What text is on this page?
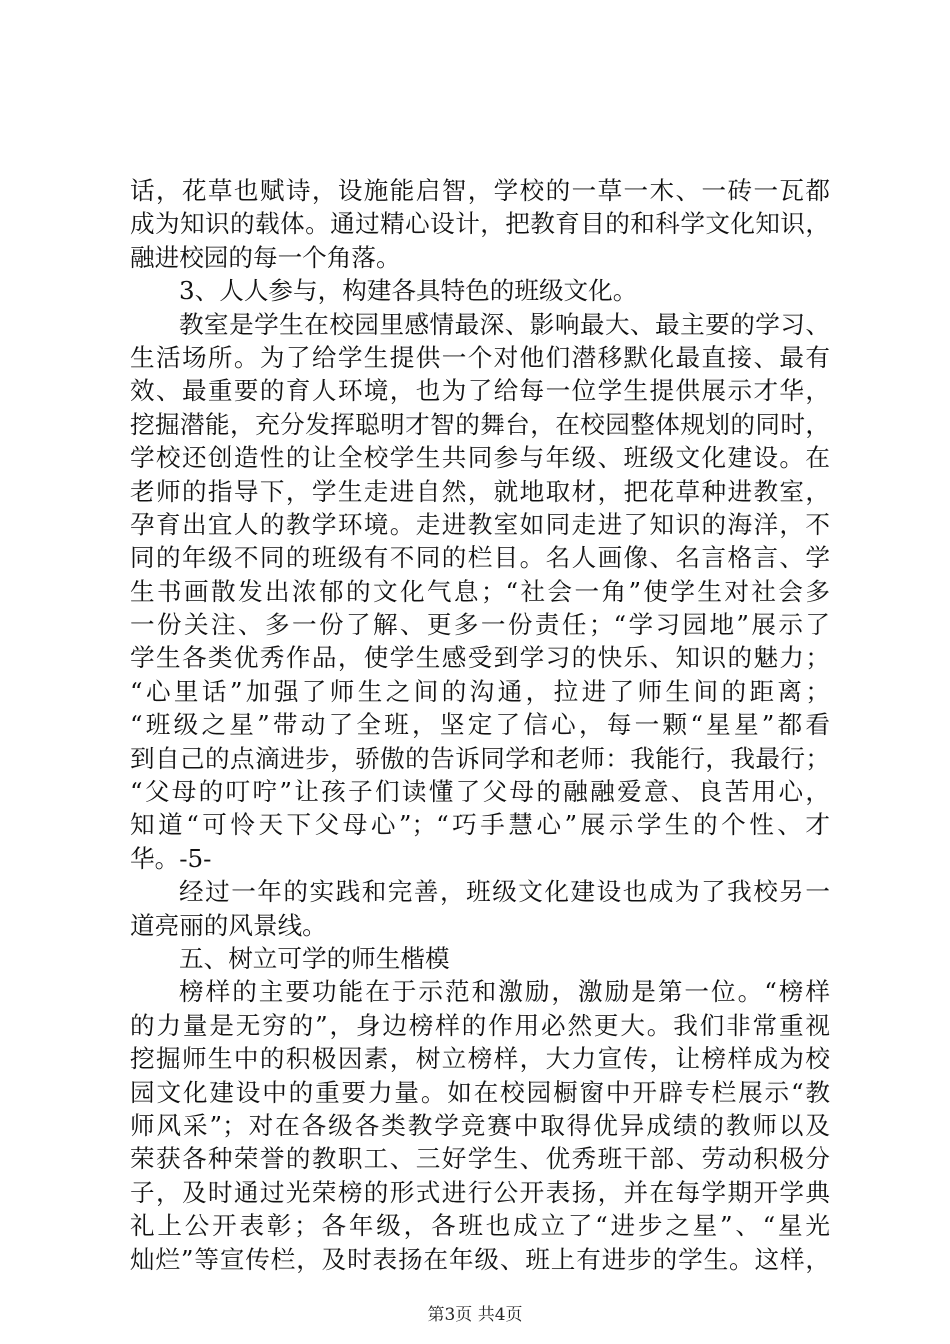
话，花草也赋诗，设施能启智，学校的一草一木、一砖一瓦都
成为知识的载体。通过精心设计，把教育目的和科学文化知识，
融进校园的每一个角落。
3、人人参与，构建各具特色的班级文化。
教室是学生在校园里感情最深、影响最大、最主要的学习、
生活场所。为了给学生提供一个对他们潜移默化最直接、最有
效、最重要的育人环境，也为了给每一位学生提供展示才华，
挖掘潜能，充分发挥聪明才智的舞台，在校园整体规划的同时，
学校还创造性的让全校学生共同参与年级、班级文化建设。在
老师的指导下，学生走进自然，就地取材，把花草种进教室，
孕育出宜人的教学环境。走进教室如同走进了知识的海洋，不
同的年级不同的班级有不同的栏目。名人画像、名言格言、学
生书画散发出浓郁的文化气息；“社会一角”使学生对社会多
一份关注、多一份了解、更多一份责任；“学习园地”展示了
学生各类优秀作品，使学生感受到学习的快乐、知识的魅力；
“心里话”加强了师生之间的沟通，拉进了师生间的距离；
“班级之星”带动了全班，坚定了信心，每一颗“星星”都看
到自己的点滴进步，骄傲的告诉同学和老师：我能行，我最行；
“父母的叮咛”让孩子们读懂了父母的融融爱意、良苦用心，
知道“可怜天下父母心”；“巧手慧心”展示学生的个性、才
华。-5-
经过一年的实践和完善，班级文化建设也成为了我校另一
道亮丽的风景线。
五、树立可学的师生楷模
榜样的主要功能在于示范和激励，激励是第一位。“榜样
的力量是无穷的”，身边榜样的作用必然更大。我们非常重视
挖掘师生中的积极因素，树立榜样，大力宣传，让榜样成为校
园文化建设中的重要力量。如在校园橱窗中开辟专栏展示“教
师风采”；对在各级各类教学竞赛中取得优异成绩的教师以及
荣获各种荣誉的教职工、三好学生、优秀班干部、劳动积极分
子，及时通过光荣榜的形式进行公开表扬，并在每学期开学典
礼上公开表彰；各年级，各班也成立了“进步之星”、“星光
灿烂”等宣传栏，及时表扬在年级、班上有进步的学生。这样，
第3页 共4页
